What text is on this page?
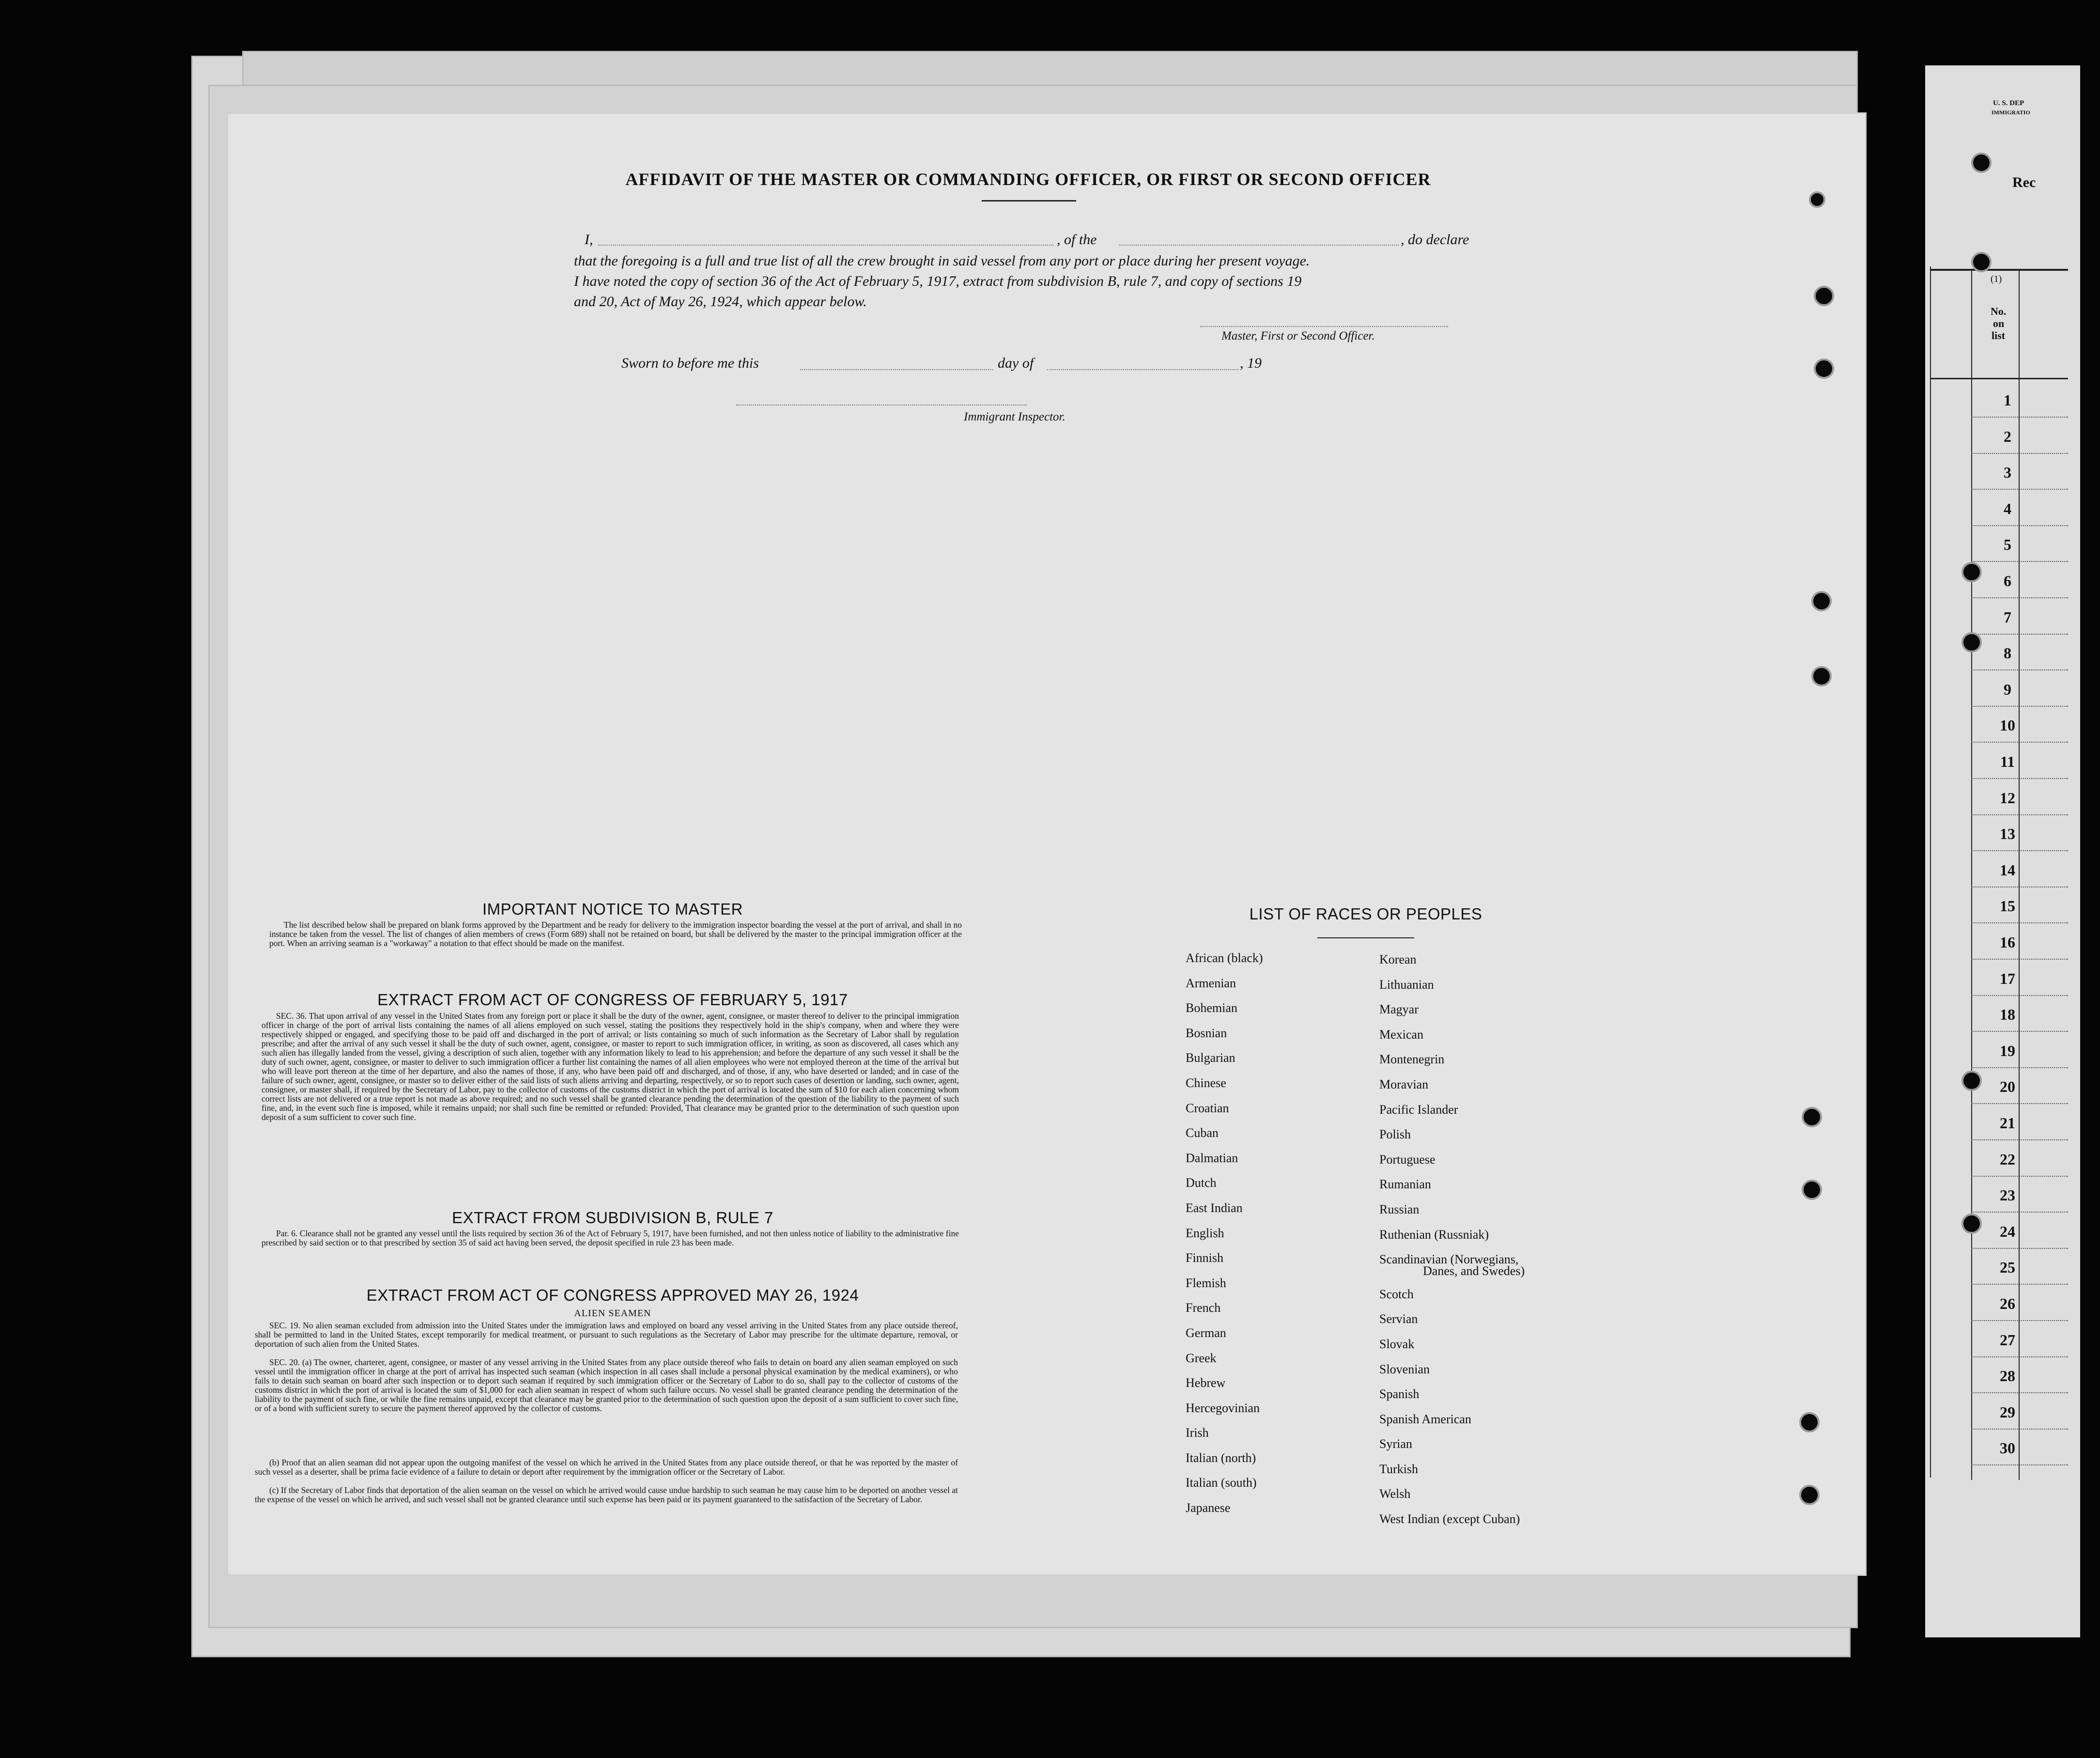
U. S. DEP
IMMIGRATIO
Rec
(1)
No.
on
list
1
2
3
4
5
6
7
8
9
10
11
12
13
14
15
16
17
18
19
20
21
22
23
24
25
26
27
28
29
30
AFFIDAVIT OF THE MASTER OR COMMANDING OFFICER, OR FIRST OR SECOND OFFICER
I,	, of the	, do declare
that the foregoing is a full and true list of all the crew brought in said vessel from any port or place during her present voyage.
I have noted the copy of section 36 of the Act of February 5, 1917, extract from subdivision B, rule 7, and copy of sections 19
and 20, Act of May 26, 1924, which appear below.
Master, First or Second Officer.
Sworn to before me this	day of	, 19
Immigrant Inspector.
IMPORTANT NOTICE TO MASTER
The list described below shall be prepared on blank forms approved by the Department and be ready for delivery to the immigration inspector boarding the vessel at the port of arrival, and shall in no instance be taken from the vessel. The list of changes of alien members of crews (Form 689) shall not be retained on board, but shall be delivered by the master to the principal immigration officer at the port. When an arriving seaman is a "workaway" a notation to that effect should be made on the manifest.
EXTRACT FROM ACT OF CONGRESS OF FEBRUARY 5, 1917
SEC. 36. That upon arrival of any vessel in the United States from any foreign port or place it shall be the duty of the owner, agent, consignee, or master thereof to deliver to the principal immigration officer in charge of the port of arrival lists containing the names of all aliens employed on such vessel, stating the positions they respectively hold in the ship's company, when and where they were respectively shipped or engaged, and specifying those to be paid off and discharged in the port of arrival; or lists containing so much of such information as the Secretary of Labor shall by regulation prescribe; and after the arrival of any such vessel it shall be the duty of such owner, agent, consignee, or master to report to such immigration officer, in writing, as soon as discovered, all cases which any such alien has illegally landed from the vessel, giving a description of such alien, together with any information likely to lead to his apprehension; and before the departure of any such vessel it shall be the duty of such owner, agent, consignee, or master to deliver to such immigration officer a further list containing the names of all alien employees who were not employed thereon at the time of the arrival but who will leave port thereon at the time of her departure, and also the names of those, if any, who have been paid off and discharged, and of those, if any, who have deserted or landed; and in case of the failure of such owner, agent, consignee, or master so to deliver either of the said lists of such aliens arriving and departing, respectively, or so to report such cases of desertion or landing, such owner, agent, consignee, or master shall, if required by the Secretary of Labor, pay to the collector of customs of the customs district in which the port of arrival is located the sum of $10 for each alien concerning whom correct lists are not delivered or a true report is not made as above required; and no such vessel shall be granted clearance pending the determination of the question of the liability to the payment of such fine, and, in the event such fine is imposed, while it remains unpaid; nor shall such fine be remitted or refunded: Provided, That clearance may be granted prior to the determination of such question upon deposit of a sum sufficient to cover such fine.
EXTRACT FROM SUBDIVISION B, RULE 7
Par. 6. Clearance shall not be granted any vessel until the lists required by section 36 of the Act of February 5, 1917, have been furnished, and not then unless notice of liability to the administrative fine prescribed by said section or to that prescribed by section 35 of said act having been served, the deposit specified in rule 23 has been made.
EXTRACT FROM ACT OF CONGRESS APPROVED MAY 26, 1924
ALIEN SEAMEN
SEC. 19. No alien seaman excluded from admission into the United States under the immigration laws and employed on board any vessel arriving in the United States from any place outside thereof, shall be permitted to land in the United States, except temporarily for medical treatment, or pursuant to such regulations as the Secretary of Labor may prescribe for the ultimate departure, removal, or deportation of such alien from the United States.
SEC. 20. (a) The owner, charterer, agent, consignee, or master of any vessel arriving in the United States from any place outside thereof who fails to detain on board any alien seaman employed on such vessel until the immigration officer in charge at the port of arrival has inspected such seaman (which inspection in all cases shall include a personal physical examination by the medical examiners), or who fails to detain such seaman on board after such inspection or to deport such seaman if required by such immigration officer or the Secretary of Labor to do so, shall pay to the collector of customs of the customs district in which the port of arrival is located the sum of $1,000 for each alien seaman in respect of whom such failure occurs. No vessel shall be granted clearance pending the determination of the liability to the payment of such fine, or while the fine remains unpaid, except that clearance may be granted prior to the determination of such question upon the deposit of a sum sufficient to cover such fine, or of a bond with sufficient surety to secure the payment thereof approved by the collector of customs.
(b) Proof that an alien seaman did not appear upon the outgoing manifest of the vessel on which he arrived in the United States from any place outside thereof, or that he was reported by the master of such vessel as a deserter, shall be prima facie evidence of a failure to detain or deport after requirement by the immigration officer or the Secretary of Labor.
(c) If the Secretary of Labor finds that deportation of the alien seaman on the vessel on which he arrived would cause undue hardship to such seaman he may cause him to be deported on another vessel at the expense of the vessel on which he arrived, and such vessel shall not be granted clearance until such expense has been paid or its payment guaranteed to the satisfaction of the Secretary of Labor.
LIST OF RACES OR PEOPLES
African (black)
Armenian
Bohemian
Bosnian
Bulgarian
Chinese
Croatian
Cuban
Dalmatian
Dutch
East Indian
English
Finnish
Flemish
French
German
Greek
Hebrew
Hercegovinian
Irish
Italian (north)
Italian (south)
Japanese
Korean
Lithuanian
Magyar
Mexican
Montenegrin
Moravian
Pacific Islander
Polish
Portuguese
Rumanian
Russian
Ruthenian (Russniak)
Scandinavian (Norwegians,
Danes, and Swedes)
Scotch
Servian
Slovak
Slovenian
Spanish
Spanish American
Syrian
Turkish
Welsh
West Indian (except Cuban)
